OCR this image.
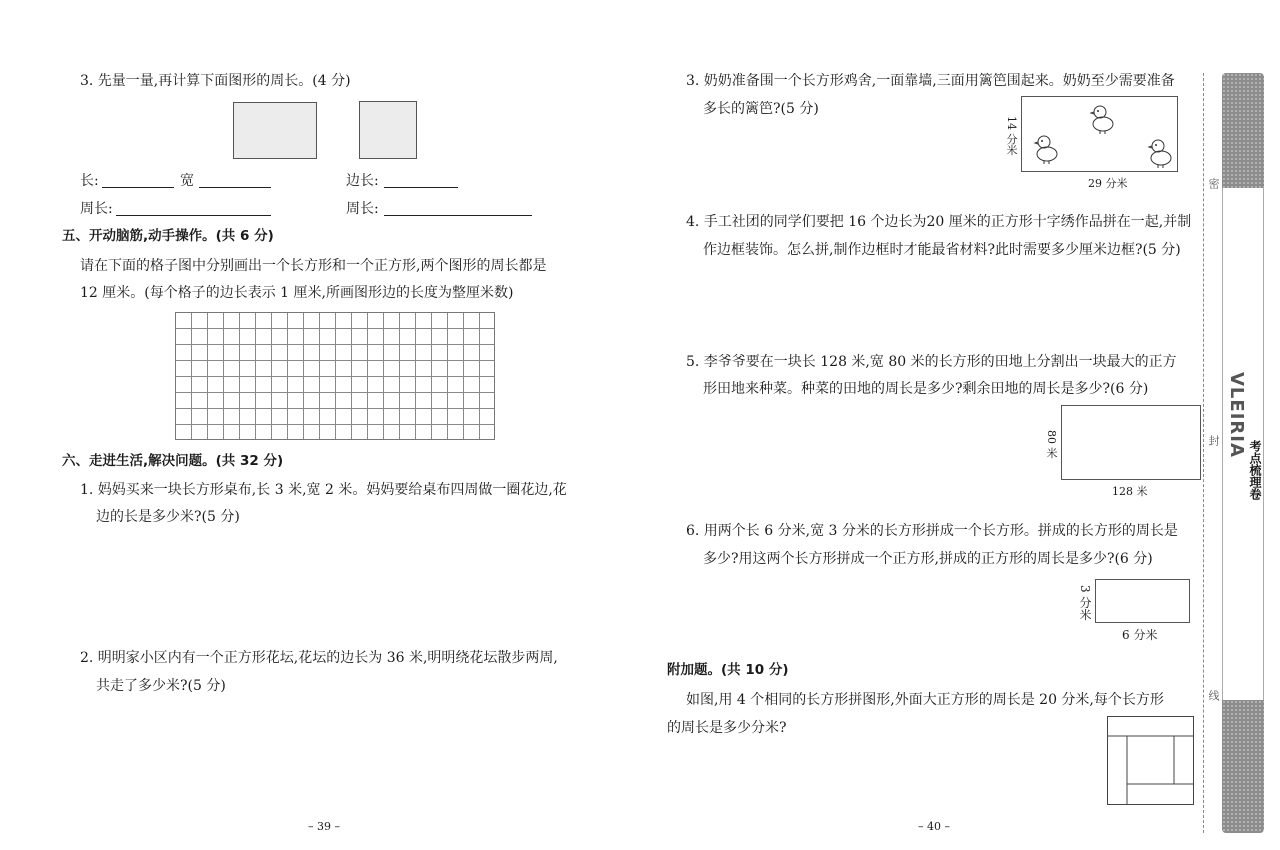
3. 先量一量,再计算下面图形的周长。(4 分)
长:	宽	边长:
周长:	周长:
五、开动脑筋,动手操作。(共 6 分)
请在下面的格子图中分别画出一个长方形和一个正方形,两个图形的周长都是
12 厘米。(每个格子的边长表示 1 厘米,所画图形边的长度为整厘米数)
六、走进生活,解决问题。(共 32 分)
1. 妈妈买来一块长方形桌布,长 3 米,宽 2 米。妈妈要给桌布四周做一圈花边,花
边的长是多少米?(5 分)
2. 明明家小区内有一个正方形花坛,花坛的边长为 36 米,明明绕花坛散步两周,
共走了多少米?(5 分)
– 39 –
3. 奶奶准备围一个长方形鸡舍,一面靠墙,三面用篱笆围起来。奶奶至少需要准备
多长的篱笆?(5 分)
14 分米
29 分米
4. 手工社团的同学们要把 16 个边长为20 厘米的正方形十字绣作品拼在一起,并制
作边框装饰。怎么拼,制作边框时才能最省材料?此时需要多少厘米边框?(5 分)
5. 李爷爷要在一块长 128 米,宽 80 米的长方形的田地上分割出一块最大的正方
形田地来种菜。种菜的田地的周长是多少?剩余田地的周长是多少?(6 分)
80 米
128 米
6. 用两个长 6 分米,宽 3 分米的长方形拼成一个长方形。拼成的长方形的周长是
多少?用这两个长方形拼成一个正方形,拼成的正方形的周长是多少?(6 分)
3 分米
6 分米
附加题。(共 10 分)
如图,用 4 个相同的长方形拼图形,外面大正方形的周长是 20 分米,每个长方形
的周长是多少分米?
– 40 –
密
封
线
VLEIRIA
考点梳理卷
